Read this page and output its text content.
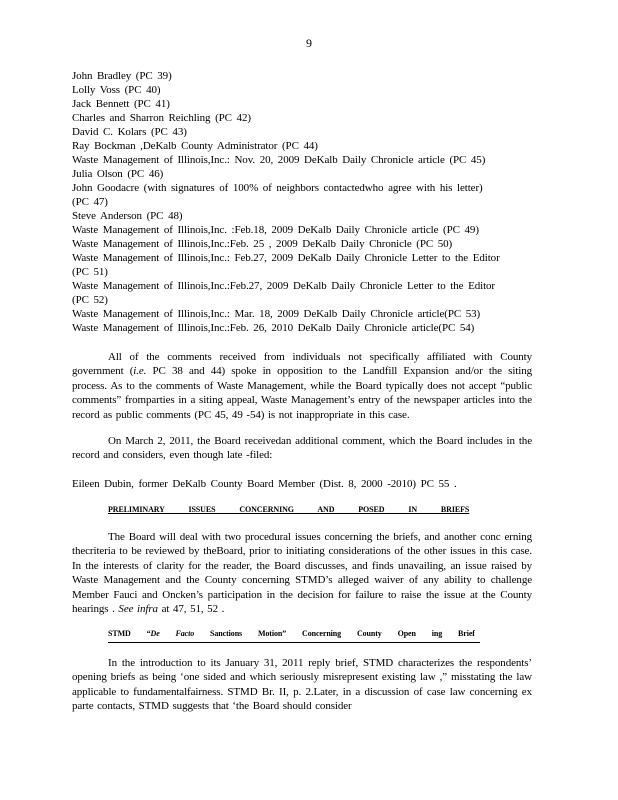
9
John Bradley (PC 39)
Lolly Voss (PC 40)
Jack Bennett (PC 41)
Charles and Sharron Reichling (PC 42)
David C. Kolars (PC 43)
Ray Bockman ,DeKalb County Administrator (PC 44)
Waste Management of Illinois,Inc.: Nov. 20, 2009 DeKalb Daily Chronicle article (PC 45)
Julia Olson (PC 46)
John Goodacre (with signatures of 100% of neighbors contactedwho agree with his letter)
(PC 47)
Steve Anderson (PC 48)
Waste Management of Illinois,Inc. :Feb.18, 2009 DeKalb Daily Chronicle article (PC 49)
Waste Management of Illinois,Inc.:Feb. 25 , 2009 DeKalb Daily Chronicle (PC 50)
Waste Management of Illinois,Inc.: Feb.27, 2009 DeKalb Daily Chronicle Letter to the Editor
(PC 51)
Waste Management of Illinois,Inc.:Feb.27, 2009 DeKalb Daily Chronicle Letter to the Editor
(PC 52)
Waste Management of Illinois,Inc.: Mar. 18, 2009 DeKalb Daily Chronicle article(PC 53)
Waste Management of Illinois,Inc.:Feb. 26, 2010 DeKalb Daily Chronicle article(PC 54)
All of the comments received from individuals not specifically affiliated with County government (i.e. PC 38 and 44) spoke in opposition to the Landfill Expansion and/or the siting process. As to the comments of Waste Management, while the Board typically does not accept “public comments” fromparties in a siting appeal, Waste Management’s entry of the newspaper articles into the record as public comments (PC 45, 49 -54) is not inappropriate in this case.
On March 2, 2011, the Board receivedan additional comment, which the Board includes in the record and considers, even though late -filed:
Eileen Dubin, former DeKalb County Board Member (Dist. 8, 2000 -2010) PC 55 .
PRELIMINARY ISSUES CONCERNING AND POSED IN BRIEFS
The Board will deal with two procedural issues concerning the briefs, and another conc erning thecriteria to be reviewed by theBoard, prior to initiating considerations of the other issues in this case. In the interests of clarity for the reader, the Board discusses, and finds unavailing, an issue raised by Waste Management and the County concerning STMD’s alleged waiver of any ability to challenge Member Fauci and Oncken’s participation in the decision for failure to raise the issue at the County hearings . See infra at 47, 51, 52 .
STMD “De Facto Sanctions Motion” Concerning County Open ing Brief
In the introduction to its January 31, 2011 reply brief, STMD characterizes the respondents’ opening briefs as being ‘one sided and which seriously misrepresent existing law ,” misstating the law applicable to fundamentalfairness. STMD Br. II, p. 2.Later, in a discussion of case law concerning ex parte contacts, STMD suggests that ‘the Board should consider
